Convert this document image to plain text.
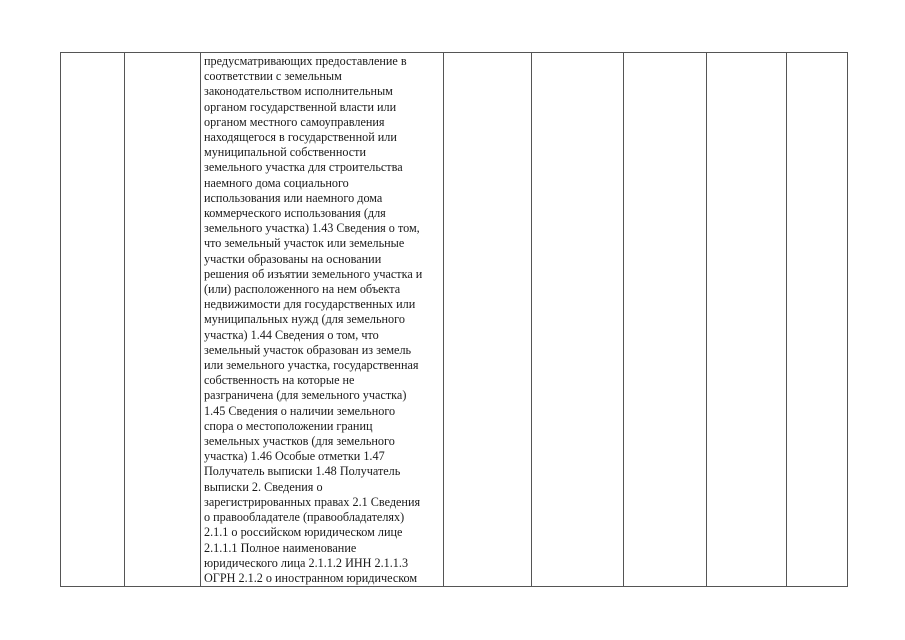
предусматривающих предоставление в
соответствии с земельным
законодательством исполнительным
органом государственной власти или
органом местного самоуправления
находящегося в государственной или
муниципальной собственности
земельного участка для строительства
наемного дома социального
использования или наемного дома
коммерческого использования (для
земельного участка) 1.43 Сведения о том,
что земельный участок или земельные
участки образованы на основании
решения об изъятии земельного участка и
(или) расположенного на нем объекта
недвижимости для государственных или
муниципальных нужд (для земельного
участка) 1.44 Сведения о том, что
земельный участок образован из земель
или земельного участка, государственная
собственность на которые не
разграничена (для земельного участка)
1.45 Сведения о наличии земельного
спора о местоположении границ
земельных участков (для земельного
участка) 1.46 Особые отметки 1.47
Получатель выписки 1.48 Получатель
выписки 2. Сведения о
зарегистрированных правах 2.1 Сведения
о правообладателе (правообладателях)
2.1.1 о российском юридическом лице
2.1.1.1 Полное наименование
юридического лица 2.1.1.2 ИНН 2.1.1.3
ОГРН 2.1.2 о иностранном юридическом
